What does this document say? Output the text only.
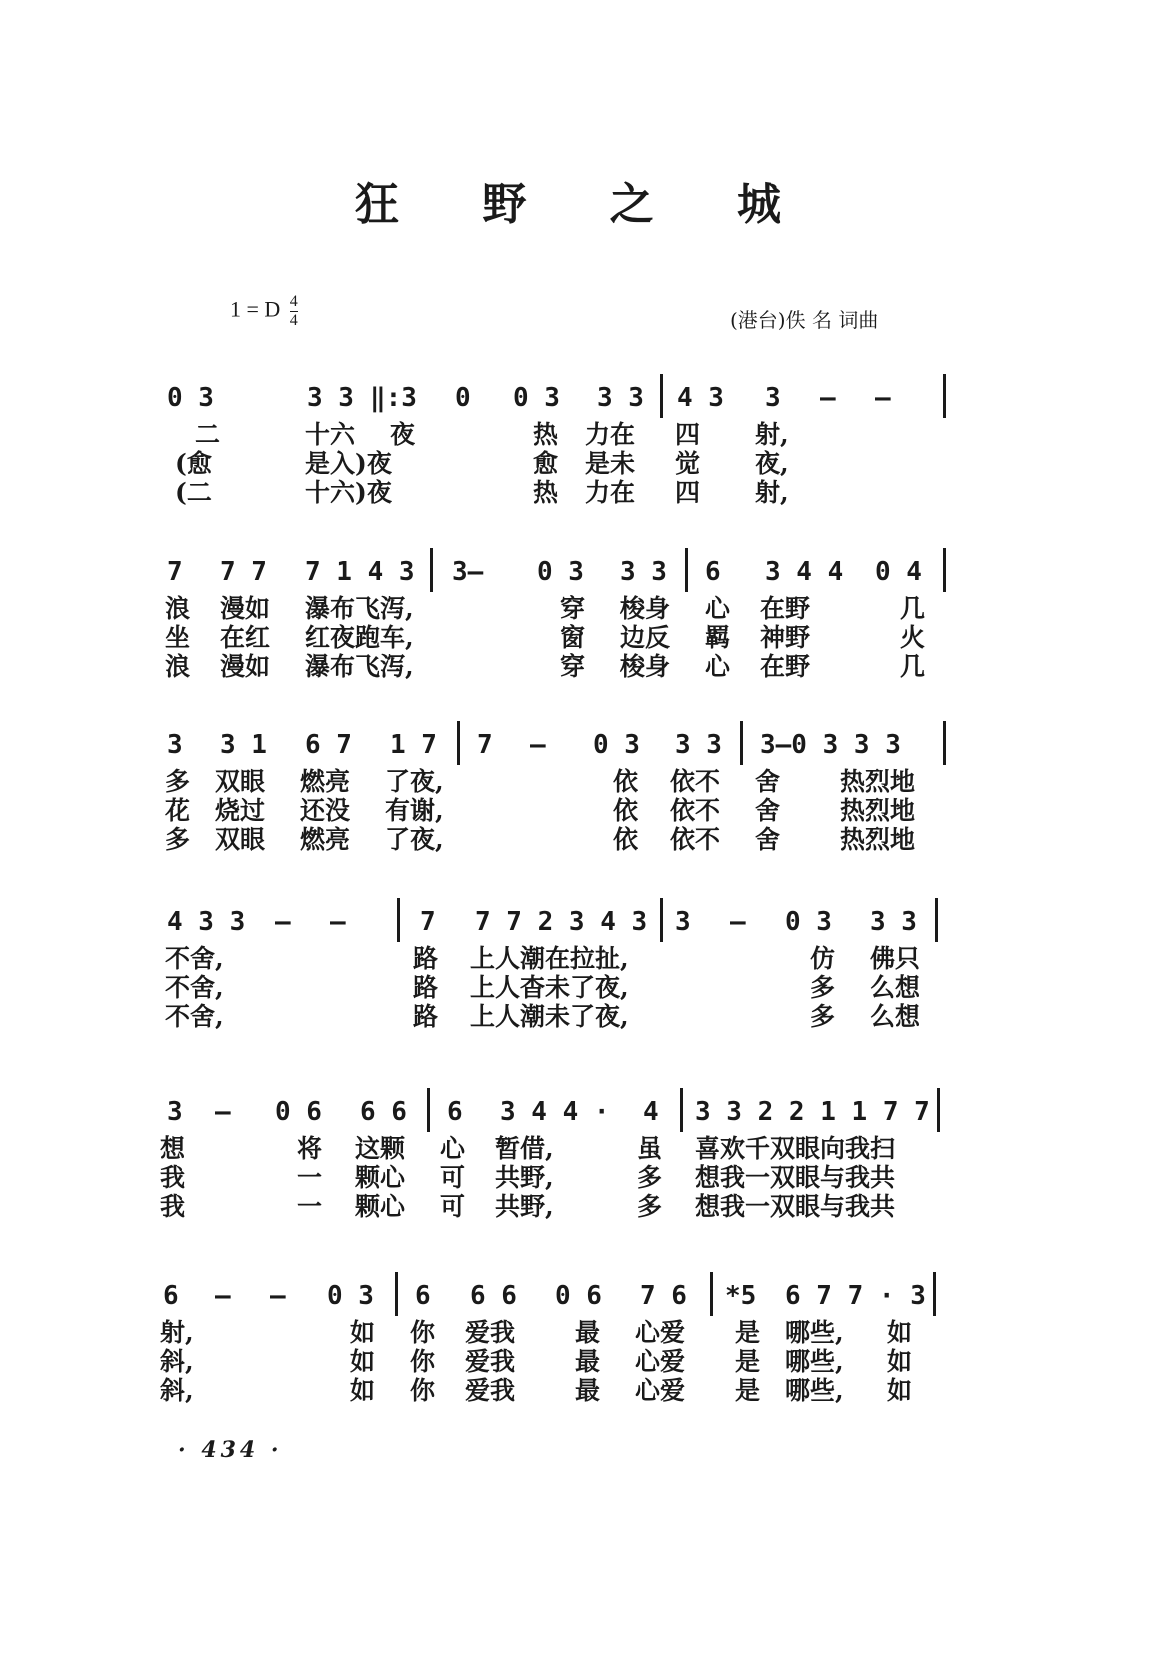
狂 野 之 城
1 = D $\frac{4}{4}$	(港台)佚 名 词曲
0 3	3 3 ‖:3 0 0 3 3 3 4 3 3 — —
二	十六 夜	热 力在 四 射,
(愈	是入)夜	愈 是未 觉 夜,
(二	十六)夜	热 力在 四 射,
7 7 7 7 1 4 3 3— 0 3 3 3 6 3 4 4 0 4
浪 漫如 瀑布飞泻,	穿 梭身 心 在野	几
坐 在红 红夜跑车,	窗 边反 羁 神野	火
浪 漫如 瀑布飞泻,	穿 梭身 心 在野	几
3 3 1 6 7 1 7 7 — 0 3 3 3 3—0 3 3 3
多 双眼 燃亮 了夜,	依 依不 舍 热烈地
花 烧过 还没 有谢,	依 依不 舍 热烈地
多 双眼 燃亮 了夜,	依 依不 舍 热烈地
4 3 3 — —	7 7 7 2 3 4 3 3 — 0 3 3 3
不舍,	路 上人潮在拉扯,	仿 佛只
不舍,	路 上人杳未了夜,	多 么想
不舍,	路 上人潮未了夜,	多 么想
3 — 0 6 6 6 6 3 4 4 · 4 3 3 2 2 1 1 7 7
想	将 这颗 心 暂借,	虽 喜欢千双眼向我扫
我	一 颗心 可 共野,	多 想我一双眼与我共
我	一 颗心 可 共野,	多 想我一双眼与我共
6 — — 0 3 6 6 6 0 6 7 6 *5 6 7 7 · 3
射,	如 你 爱我 最 心爱 是 哪些, 如
斜,	如 你 爱我 最 心爱 是 哪些, 如
斜,	如 你 爱我 最 心爱 是 哪些, 如
· 434 ·
